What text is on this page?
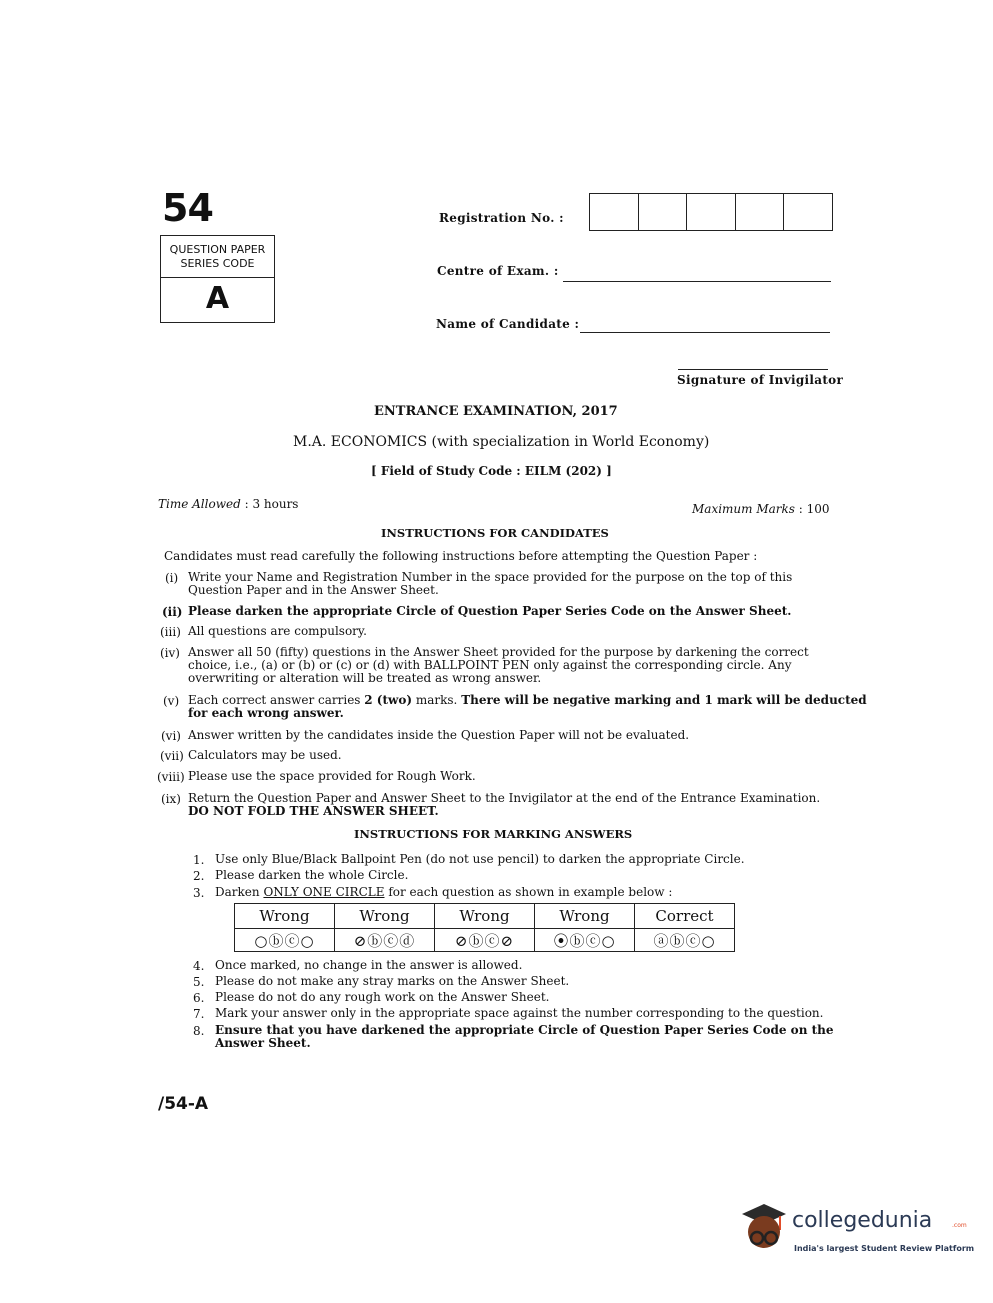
54
QUESTION PAPER
SERIES CODE
A
Registration No. :
Centre of Exam. :
Name of Candidate :
Signature of Invigilator
ENTRANCE EXAMINATION, 2017
M.A. ECONOMICS (with specialization in World Economy)
[ Field of Study Code : EILM (202) ]
Time Allowed : 3 hours	Maximum Marks : 100
INSTRUCTIONS FOR CANDIDATES
Candidates must read carefully the following instructions before attempting the Question Paper :
(i) Write your Name and Registration Number in the space provided for the purpose on the top of this
Question Paper and in the Answer Sheet.
(ii) Please darken the appropriate Circle of Question Paper Series Code on the Answer Sheet.
(iii) All questions are compulsory.
(iv) Answer all 50 (fifty) questions in the Answer Sheet provided for the purpose by darkening the correct
choice, i.e., (a) or (b) or (c) or (d) with BALLPOINT PEN only against the corresponding circle. Any
overwriting or alteration will be treated as wrong answer.
(v) Each correct answer carries 2 (two) marks. There will be negative marking and 1 mark will be deducted
for each wrong answer.
(vi) Answer written by the candidates inside the Question Paper will not be evaluated.
(vii) Calculators may be used.
(viii) Please use the space provided for Rough Work.
(ix) Return the Question Paper and Answer Sheet to the Invigilator at the end of the Entrance Examination.
DO NOT FOLD THE ANSWER SHEET.
INSTRUCTIONS FOR MARKING ANSWERS
1. Use only Blue/Black Ballpoint Pen (do not use pencil) to darken the appropriate Circle.
2. Please darken the whole Circle.
3. Darken ONLY ONE CIRCLE for each question as shown in example below :
Wrong	Wrong	Wrong	Wrong	Correct
○ⓑⓒ○	⊘ⓑⓒⓓ	⊘ⓑⓒ⊘	⦿ⓑⓒ○	ⓐⓑⓒ○
4. Once marked, no change in the answer is allowed.
5. Please do not make any stray marks on the Answer Sheet.
6. Please do not do any rough work on the Answer Sheet.
7. Mark your answer only in the appropriate space against the number corresponding to the question.
8. Ensure that you have darkened the appropriate Circle of Question Paper Series Code on the
Answer Sheet.
/54-A
collegedunia	.com
India's largest Student Review Platform
